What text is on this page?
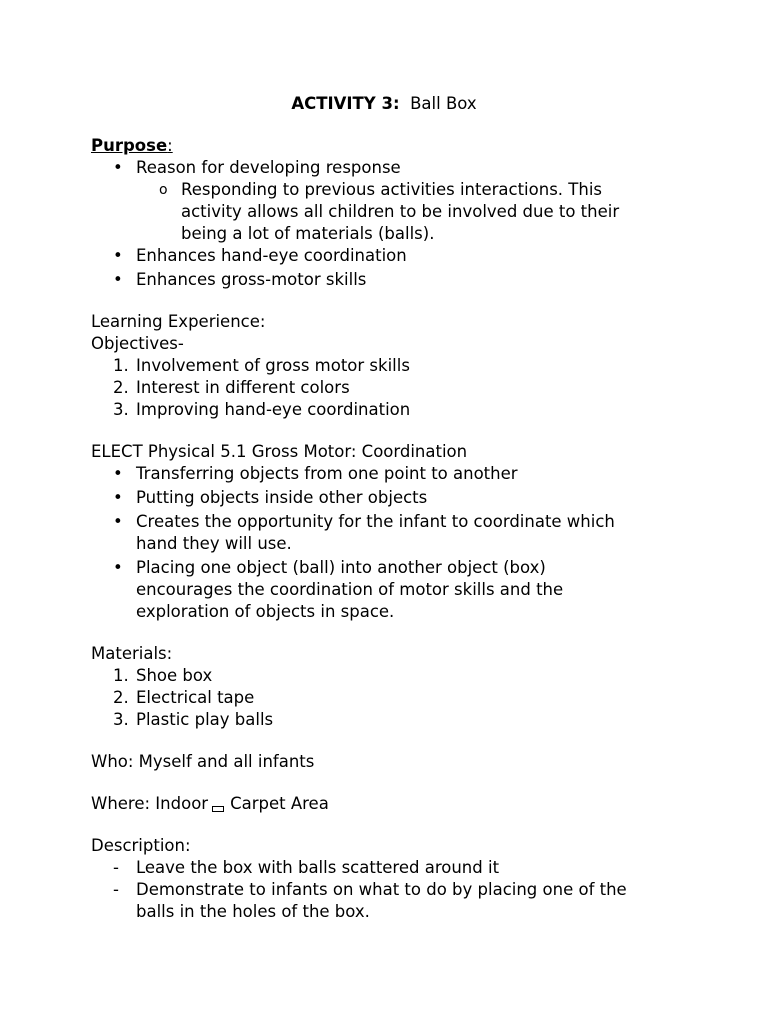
ACTIVITY 3: Ball Box
Purpose:
• Reason for developing response
o Responding to previous activities interactions. This
activity allows all children to be involved due to their
being a lot of materials (balls).
• Enhances hand-eye coordination
• Enhances gross-motor skills
Learning Experience:
Objectives-
1. Involvement of gross motor skills
2. Interest in different colors
3. Improving hand-eye coordination
ELECT Physical 5.1 Gross Motor: Coordination
• Transferring objects from one point to another
• Putting objects inside other objects
• Creates the opportunity for the infant to coordinate which
hand they will use.
• Placing one object (ball) into another object (box)
encourages the coordination of motor skills and the
exploration of objects in space.
Materials:
1. Shoe box
2. Electrical tape
3. Plastic play balls
Who: Myself and all infants
Where: Indoor Carpet Area
Description:
- Leave the box with balls scattered around it
- Demonstrate to infants on what to do by placing one of the
balls in the holes of the box.
